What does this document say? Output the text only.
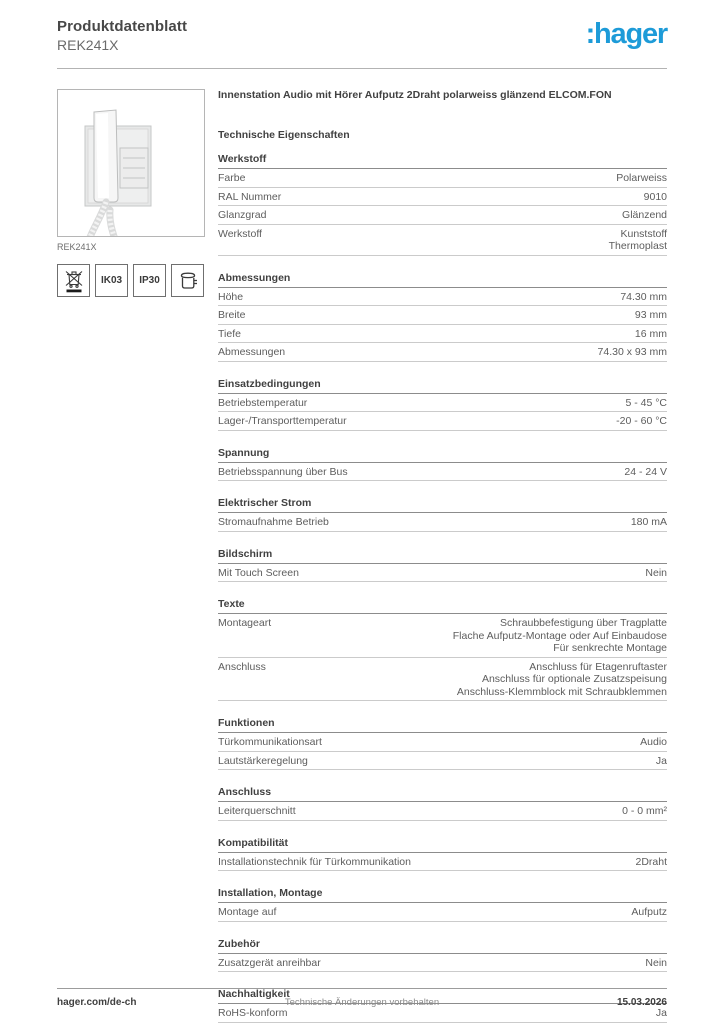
Produktdatenblatt
REK241X	:hager
REK241X
IK03 IP30
Innenstation Audio mit Hörer Aufputz 2Draht polarweiss glänzend ELCOM.FON
Technische Eigenschaften
Werkstoff
Farbe	Polarweiss
RAL Nummer	9010
Glanzgrad	Glänzend
Werkstoff	Kunststoff
Thermoplast
Abmessungen
Höhe	74.30 mm
Breite	93 mm
Tiefe	16 mm
Abmessungen	74.30 x 93 mm
Einsatzbedingungen
Betriebstemperatur	5 - 45 °C
Lager-/Transporttemperatur	-20 - 60 °C
Spannung
Betriebsspannung über Bus	24 - 24 V
Elektrischer Strom
Stromaufnahme Betrieb	180 mA
Bildschirm
Mit Touch Screen	Nein
Texte
Montageart	Schraubbefestigung über Tragplatte
Flache Aufputz-Montage oder Auf Einbaudose
Für senkrechte Montage
Anschluss	Anschluss für Etagenruftaster
Anschluss für optionale Zusatzspeisung
Anschluss-Klemmblock mit Schraubklemmen
Funktionen
Türkommunikationsart	Audio
Lautstärkeregelung	Ja
Anschluss
Leiterquerschnitt	0 - 0 mm²
Kompatibilität
Installationstechnik für Türkommunikation	2Draht
Installation, Montage
Montage auf	Aufputz
Zubehör
Zusatzgerät anreihbar	Nein
Nachhaltigkeit
RoHS-konform	Ja
hager.com/de-ch	Technische Änderungen vorbehalten	15.03.2026
